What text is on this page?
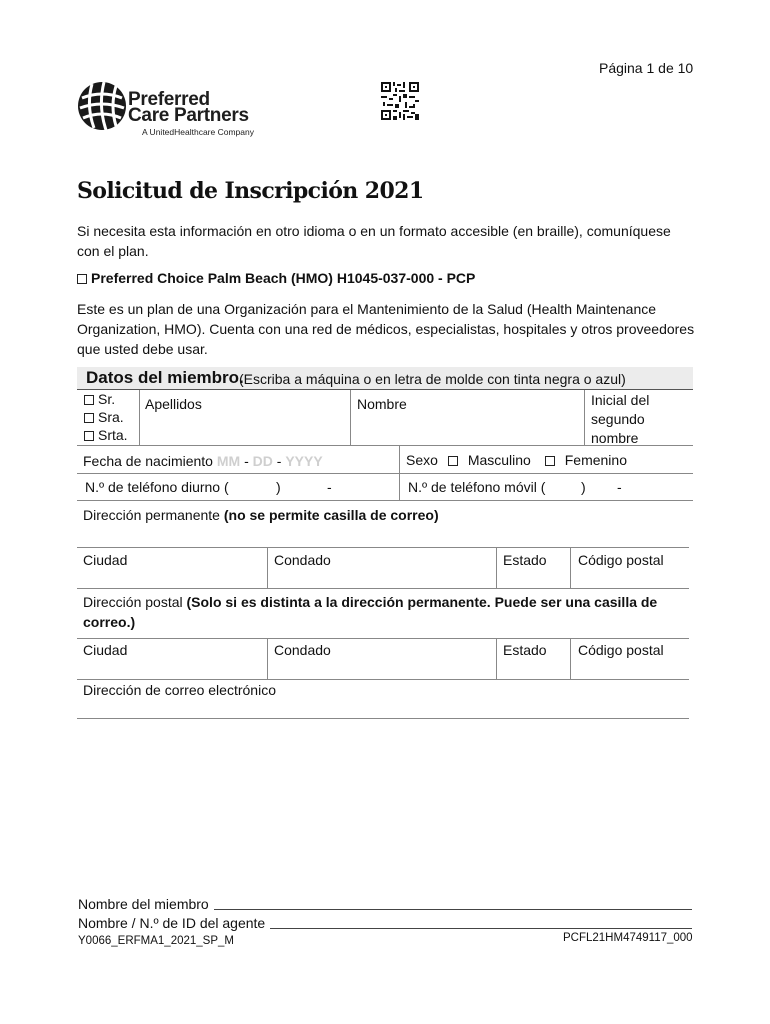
Página 1 de 10
Preferred
Care Partners
A UnitedHealthcare Company
Solicitud de Inscripción 2021
Si necesita esta información en otro idioma o en un formato accesible (en braille), comuníquese con el plan.
Preferred Choice Palm Beach (HMO) H1045-037-000 - PCP
Este es un plan de una Organización para el Mantenimiento de la Salud (Health Maintenance Organization, HMO). Cuenta con una red de médicos, especialistas, hospitales y otros proveedores que usted debe usar.
Datos del miembro.
(Escriba a máquina o en letra de molde con tinta negra o azul)
Sr.
Sra.
Srta.
Apellidos	Nombre	Inicial del segundo nombre
Fecha de nacimiento MM - DD - YYYY	Sexo Masculino Femenino
N.º de teléfono diurno (	)	-	N.º de teléfono móvil (	) -
Dirección permanente (no se permite casilla de correo)
Ciudad	Condado	Estado Código postal
Dirección postal (Solo si es distinta a la dirección permanente. Puede ser una casilla de correo.)
Ciudad	Condado	Estado Código postal
Dirección de correo electrónico
Nombre del miembro
Nombre / N.º de ID del agente
Y0066_ERFMA1_2021_SP_M	PCFL21HM4749117_000
